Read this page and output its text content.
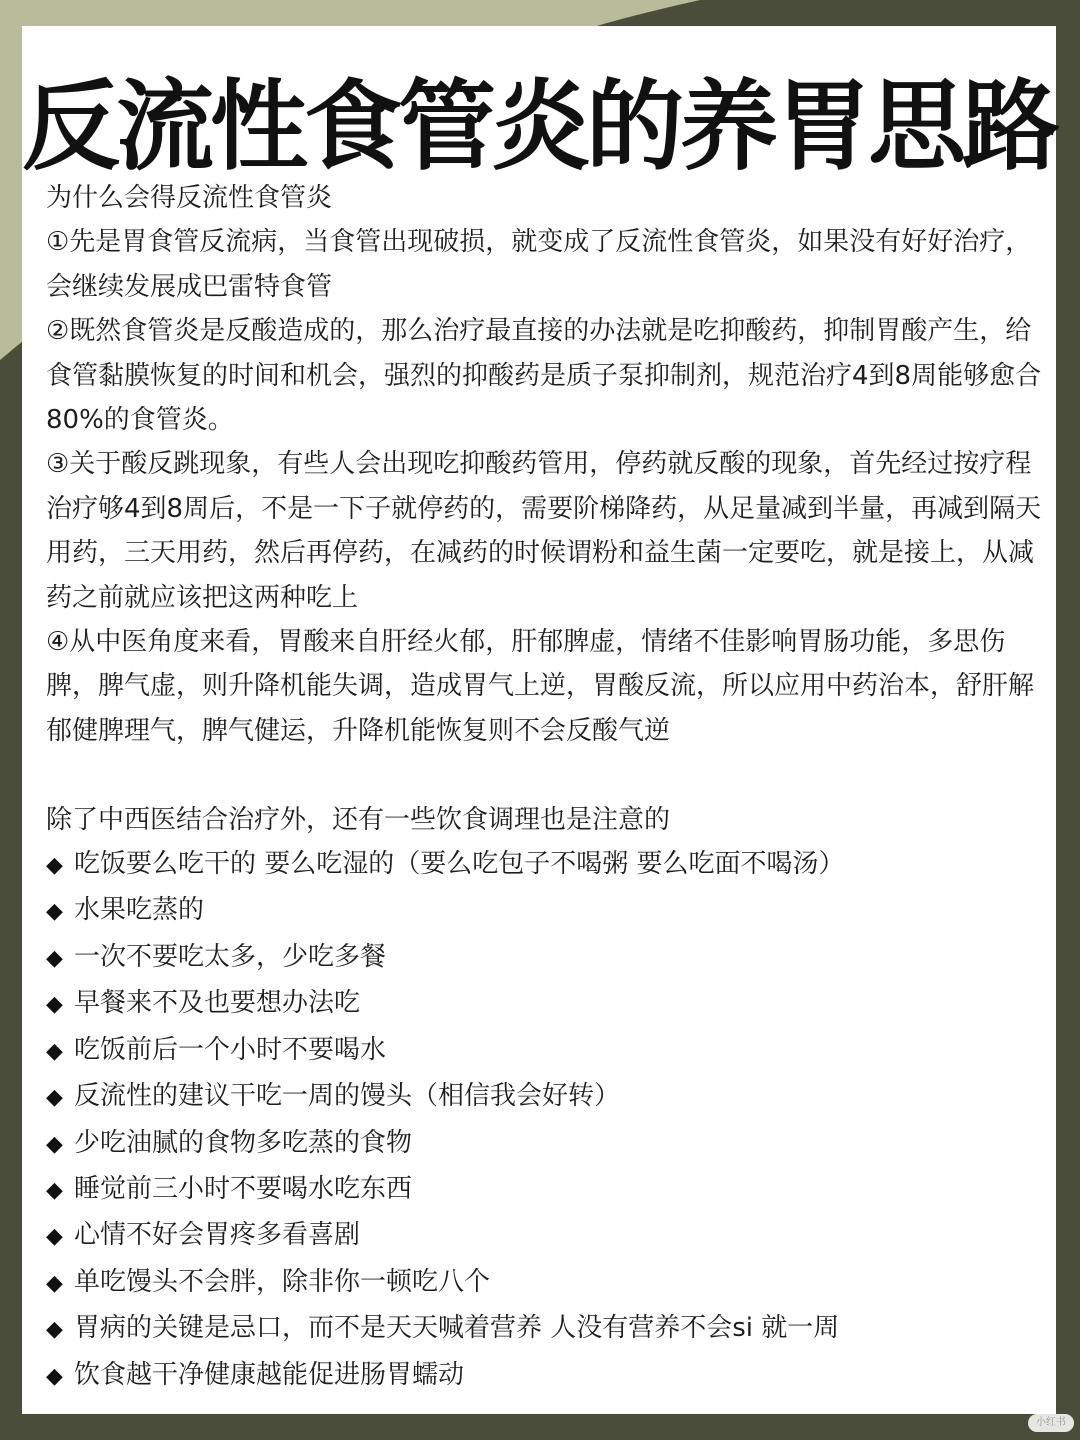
反流性食管炎的养胃思路

为什么会得反流性食管炎

①先是胃食管反流病，当食管出现破损，就变成了反流性食管炎，如果没有好好治疗，会继续发展成巴雷特食管

②既然食管炎是反酸造成的，那么治疗最直接的办法就是吃抑酸药，抑制胃酸产生，给食管黏膜恢复的时间和机会，强烈的抑酸药是质子泵抑制剂，规范治疗4到8周能够愈合80%的食管炎。

③关于酸反跳现象，有些人会出现吃抑酸药管用，停药就反酸的现象，首先经过按疗程治疗够4到8周后，不是一下子就停药的，需要阶梯降药，从足量减到半量，再减到隔天用药，三天用药，然后再停药，在减药的时候谓粉和益生菌一定要吃，就是接上，从减药之前就应该把这两种吃上

④从中医角度来看，胃酸来自肝经火郁，肝郁脾虚，情绪不佳影响胃肠功能，多思伤脾，脾气虚，则升降机能失调，造成胃气上逆，胃酸反流，所以应用中药治本，舒肝解郁健脾理气，脾气健运，升降机能恢复则不会反酸气逆

除了中西医结合治疗外，还有一些饮食调理也是注意的

◆ 吃饭要么吃干的 要么吃湿的（要么吃包子不喝粥 要么吃面不喝汤）
◆ 水果吃蒸的
◆ 一次不要吃太多，少吃多餐
◆ 早餐来不及也要想办法吃
◆ 吃饭前后一个小时不要喝水
◆ 反流性的建议干吃一周的馒头（相信我会好转）
◆ 少吃油腻的食物多吃蒸的食物
◆ 睡觉前三小时不要喝水吃东西
◆ 心情不好会胃疼多看喜剧
◆ 单吃馒头不会胖，除非你一顿吃八个
◆ 胃病的关键是忌口，而不是天天喊着营养 人没有营养不会si 就一周
◆ 饮食越干净健康越能促进肠胃蠕动
小红书
